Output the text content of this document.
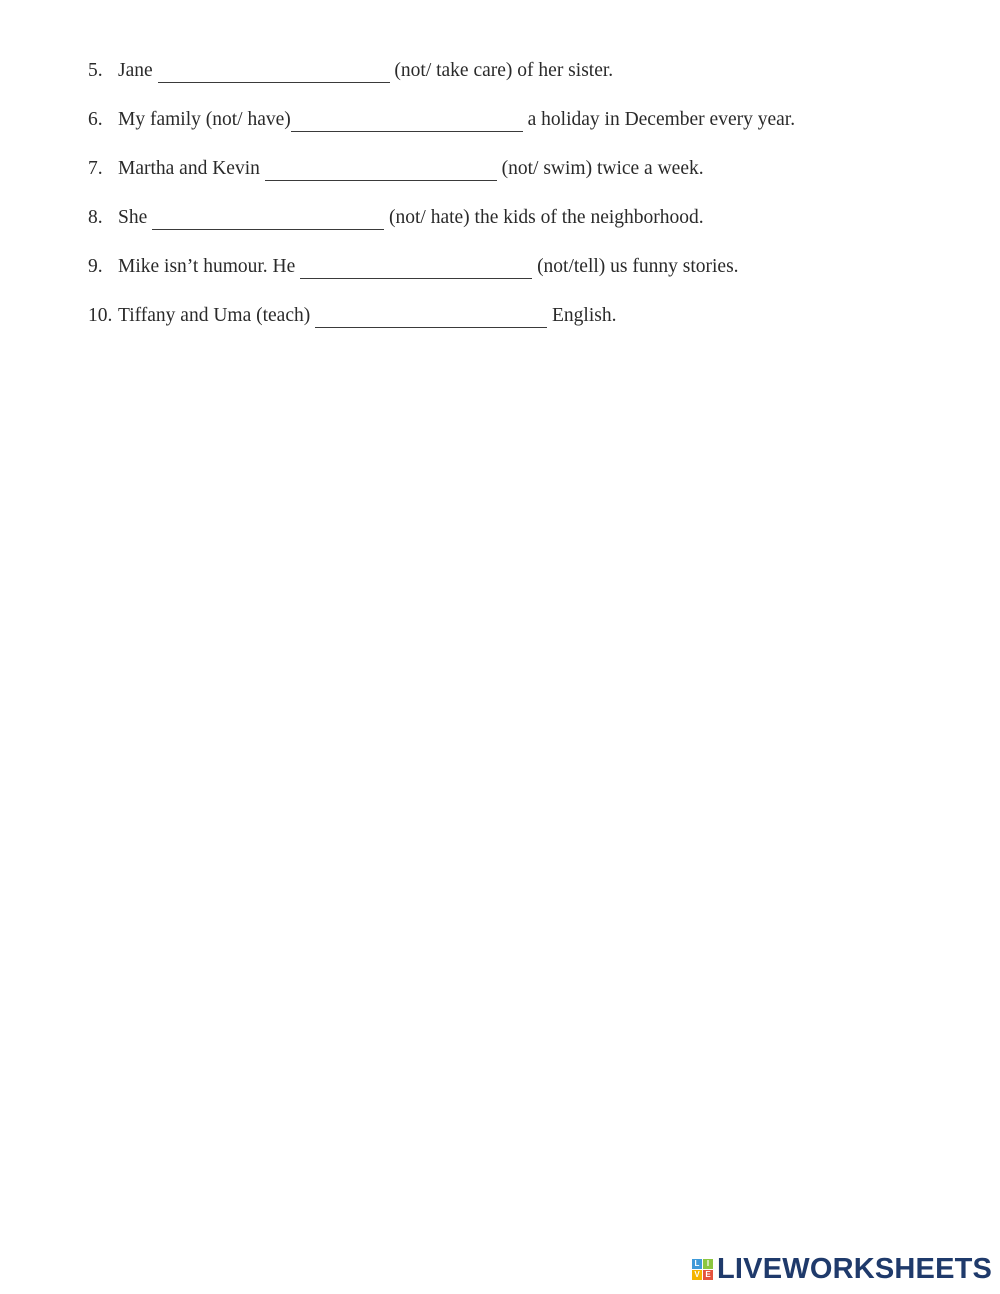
5. Jane	(not/ take care) of her sister.
6. My family (not/ have)	a holiday in December every year.
7. Martha and Kevin	(not/ swim) twice a week.
8. She	(not/ hate) the kids of the neighborhood.
9. Mike isn’t humour. He	(not/tell) us funny stories.
10. Tiffany and Uma (teach)	English.
L I
V E LIVEWORKSHEETS
